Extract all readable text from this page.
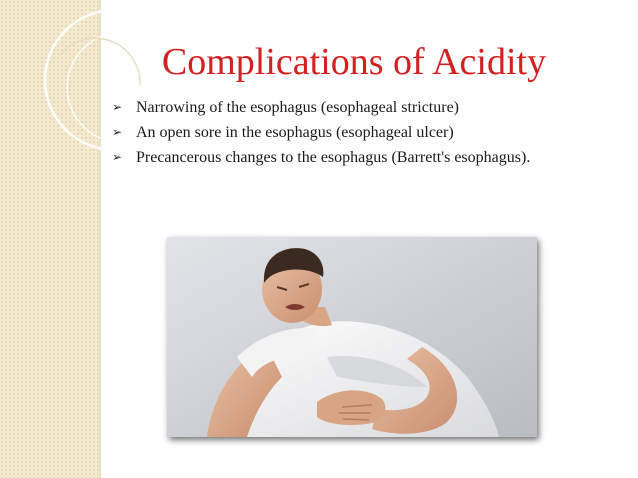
Complications of Acidity
➢ Narrowing of the esophagus (esophageal stricture)
➢ An open sore in the esophagus (esophageal ulcer)
➢ Precancerous changes to the esophagus (Barrett's esophagus).
